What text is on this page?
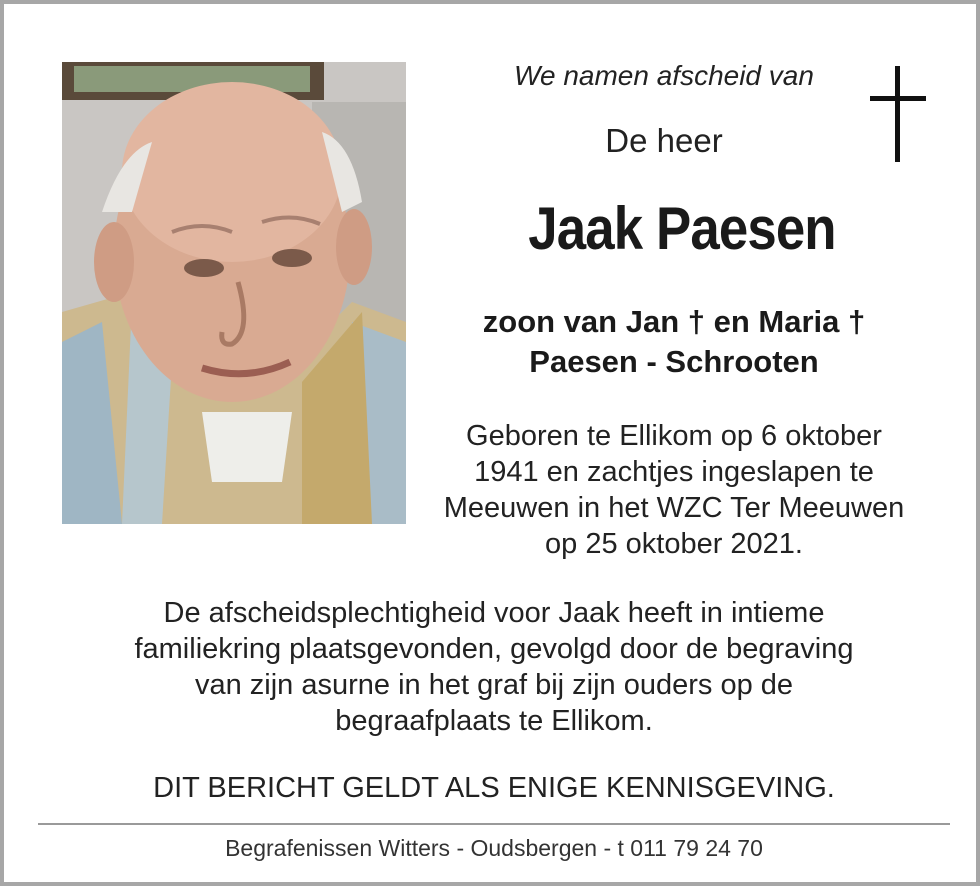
We namen afscheid van
De heer
Jaak Paesen
zoon van Jan † en Maria †
Paesen - Schrooten
Geboren te Ellikom op 6 oktober
1941 en zachtjes ingeslapen te
Meeuwen in het WZC Ter Meeuwen
op 25 oktober 2021.
De afscheidsplechtigheid voor Jaak heeft in intieme
familiekring plaatsgevonden, gevolgd door de begraving
van zijn asurne in het graf bij zijn ouders op de
begraafplaats te Ellikom.
DIT BERICHT GELDT ALS ENIGE KENNISGEVING.
Begrafenissen Witters - Oudsbergen - t 011 79 24 70
